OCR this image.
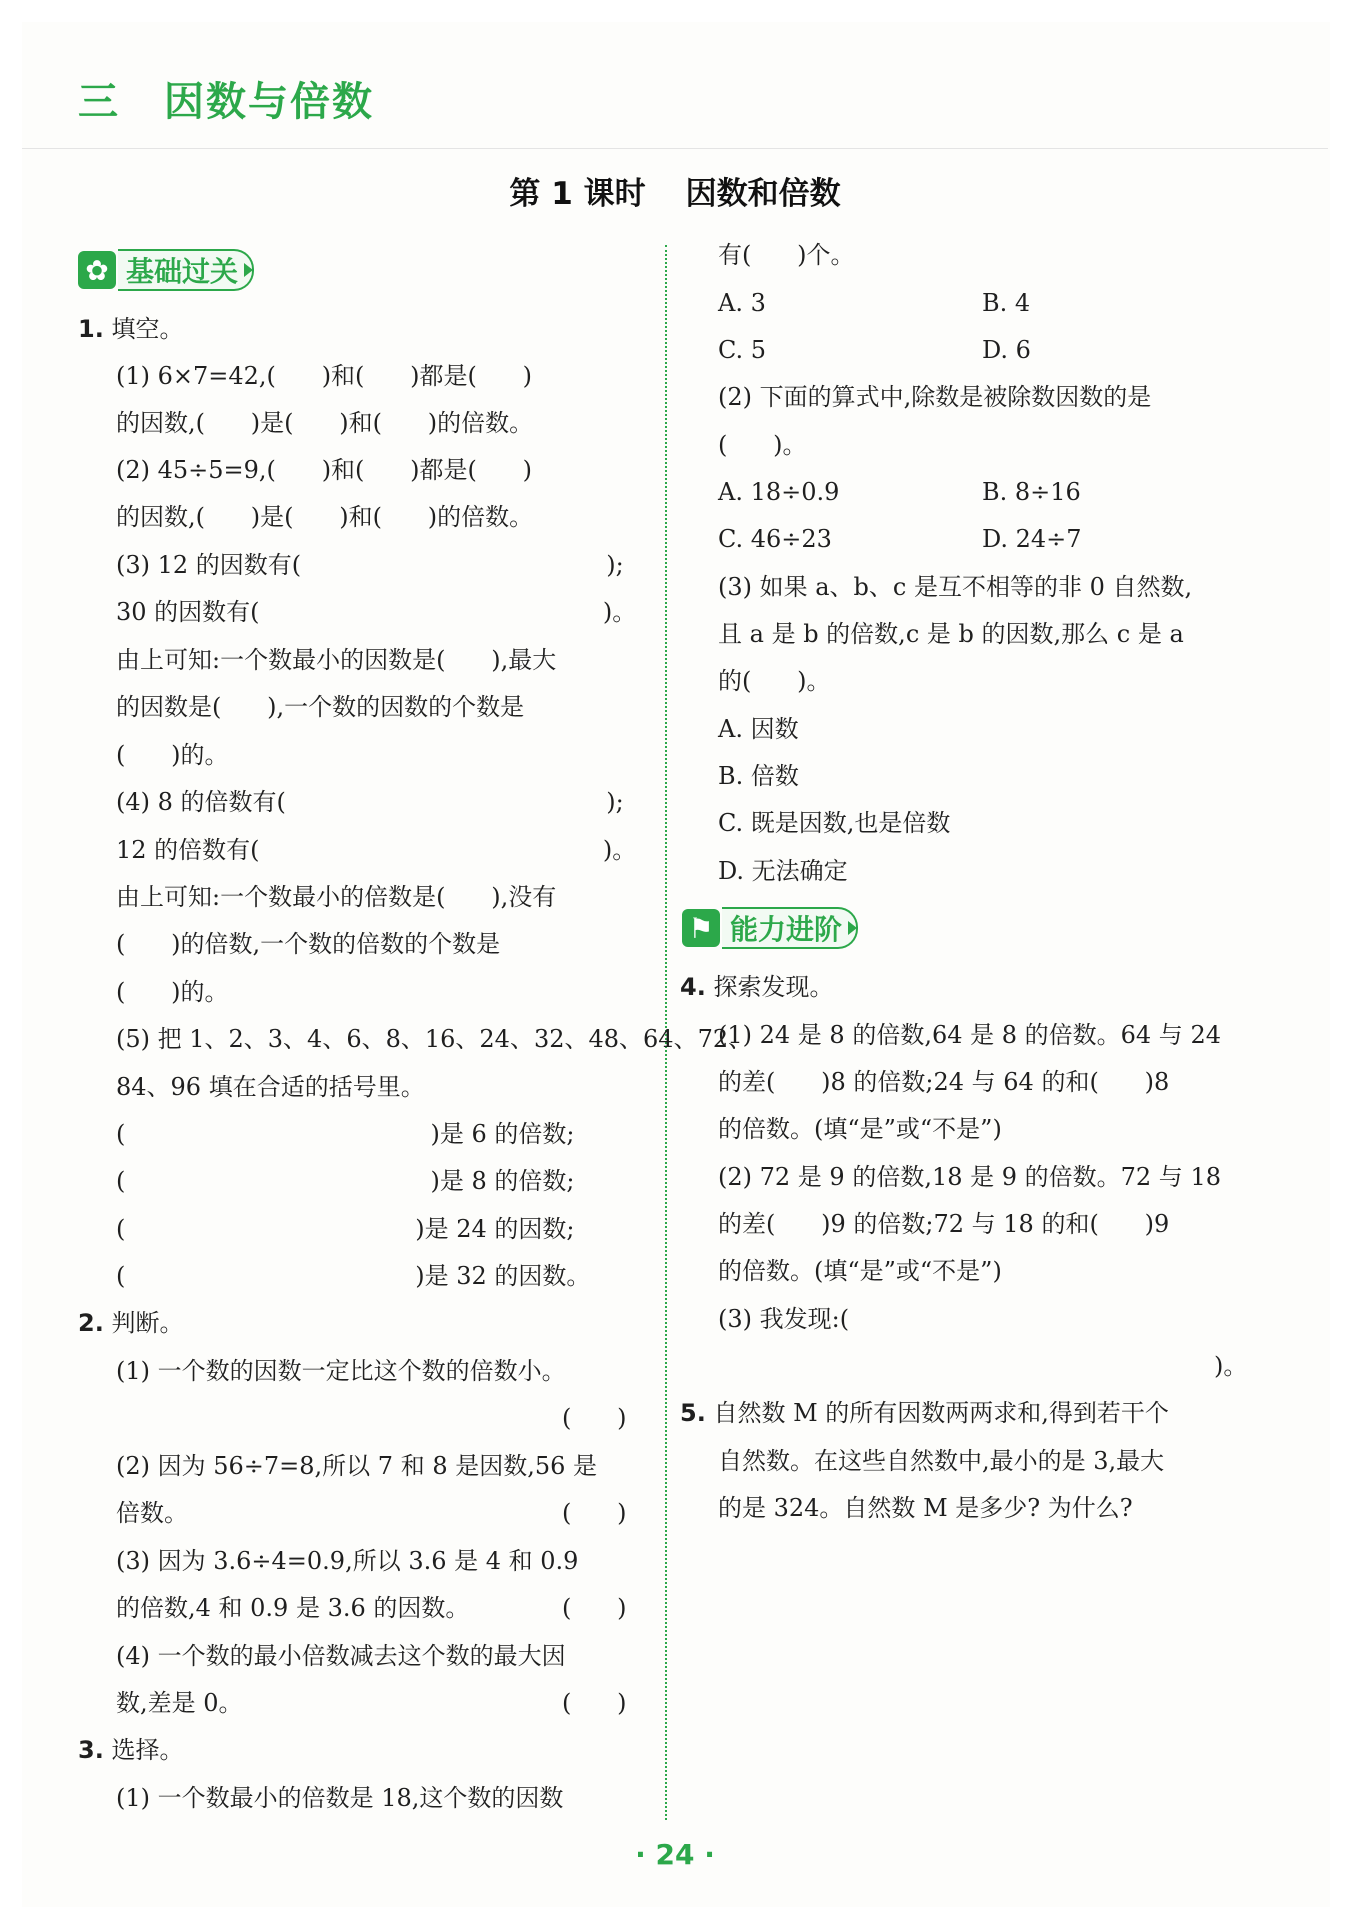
三 因数与倍数
第 1 课时 因数和倍数
✿ 基础过关
1. 填空。
(1) 6×7=42,(      )和(      )都是(      )
的因数,(      )是(      )和(      )的倍数。
(2) 45÷5=9,(      )和(      )都是(      )
的因数,(      )是(      )和(      )的倍数。
(3) 12 的因数有(                                        );
30 的因数有(                                             )。
由上可知:一个数最小的因数是(      ),最大
的因数是(      ),一个数的因数的个数是
(      )的。
(4) 8 的倍数有(                                          );
12 的倍数有(                                             )。
由上可知:一个数最小的倍数是(      ),没有
(      )的倍数,一个数的倍数的个数是
(      )的。
(5) 把 1、2、3、4、6、8、16、24、32、48、64、72、
84、96 填在合适的括号里。
(                                        )是 6 的倍数;
(                                        )是 8 的倍数;
(                                      )是 24 的因数;
(                                      )是 32 的因数。
2. 判断。
(1) 一个数的因数一定比这个数的倍数小。
(      )
(2) 因为 56÷7=8,所以 7 和 8 是因数,56 是
倍数。	(      )
(3) 因为 3.6÷4=0.9,所以 3.6 是 4 和 0.9
的倍数,4 和 0.9 是 3.6 的因数。	(      )
(4) 一个数的最小倍数减去这个数的最大因
数,差是 0。	(      )
3. 选择。
(1) 一个数最小的倍数是 18,这个数的因数
有(      )个。
A. 3	B. 4
C. 5	D. 6
(2) 下面的算式中,除数是被除数因数的是
(      )。
A. 18÷0.9	B. 8÷16
C. 46÷23	D. 24÷7
(3) 如果 a、b、c 是互不相等的非 0 自然数,
且 a 是 b 的倍数,c 是 b 的因数,那么 c 是 a
的(      )。
A. 因数
B. 倍数
C. 既是因数,也是倍数
D. 无法确定
⚑ 能力进阶
4. 探索发现。
(1) 24 是 8 的倍数,64 是 8 的倍数。64 与 24
的差(      )8 的倍数;24 与 64 的和(      )8
的倍数。(填“是”或“不是”)
(2) 72 是 9 的倍数,18 是 9 的倍数。72 与 18
的差(      )9 的倍数;72 与 18 的和(      )9
的倍数。(填“是”或“不是”)
(3) 我发现:(
)。
5. 自然数 M 的所有因数两两求和,得到若干个
自然数。在这些自然数中,最小的是 3,最大
的是 324。自然数 M 是多少? 为什么?
· 24 ·
